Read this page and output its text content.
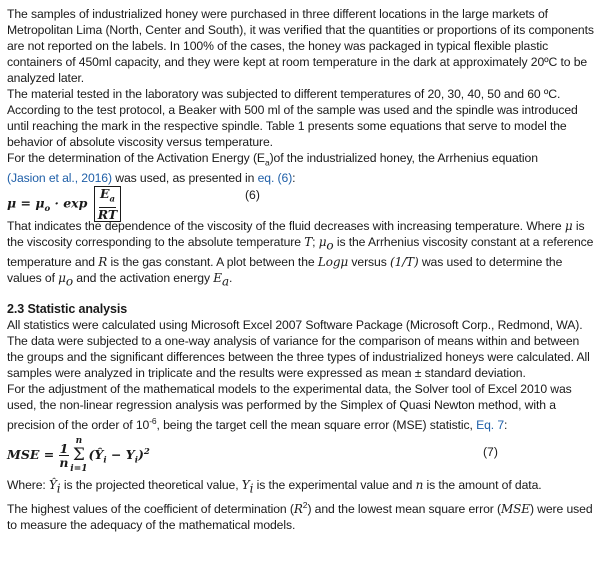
The samples of industrialized honey were purchased in three different locations in the large markets of Metropolitan Lima (North, Center and South), it was verified that the quantities or proportions of its components are not reported on the labels. In 100% of the cases, the honey was packaged in typical flexible plastic containers of 450ml capacity, and they were kept at room temperature in the dark at approximately 20ºC to be analyzed later.

The material tested in the laboratory was subjected to different temperatures of 20, 30, 40, 50 and 60 ºC. According to the test protocol, a Beaker with 500 ml of the sample was used and the spindle was introduced until reaching the mark in the respective spindle. Table 1 presents some equations that serve to model the behavior of absolute viscosity versus temperature.

For the determination of the Activation Energy $(E_a)of$ the industrialized honey, the Arrhenius equation
(Jasion et al., 2016) was used, as presented in eq. (6):

$\mu = \mu_o \cdot \exp \frac{E_a}{RT}$	(6)

That indicates the dependence of the viscosity of the fluid decreases with increasing temperature. Where μ is the viscosity corresponding to the absolute temperature T; $\mu_o$ is the Arrhenius viscosity constant at a reference temperature and R is the gas constant. A plot between the Logμ versus (1/T) was used to determine the values of $\mu_o$ and the activation energy $E_a$.

2.3 Statistic analysis

All statistics were calculated using Microsoft Excel 2007 Software Package (Microsoft Corp., Redmond, WA). The data were subjected to a one-way analysis of variance for the comparison of means within and between the groups and the significant differences between the three types of industrialized honeys were calculated. All samples were analyzed in triplicate and the results were expressed as mean ± standard deviation.

For the adjustment of the mathematical models to the experimental data, the Solver tool of Excel 2010 was used, the non-linear regression analysis was performed by the Simplex of Quasi Newton method, with a precision of the order of $10^{-6}$, being the target cell the mean square error (MSE) statistic, Eq. 7:

MSE = $\frac{1}{n}$
n
Σ
i=1
$(Ŷ_i - Y_i)^2$	(7)

Where: $Ŷ_i$ is the projected theoretical value, $Y_i$ is the experimental value and n is the amount of data.

The highest values of the coefficient of determination $(R^2)$ and the lowest mean square error (MSE) were used to measure the adequacy of the mathematical models.
